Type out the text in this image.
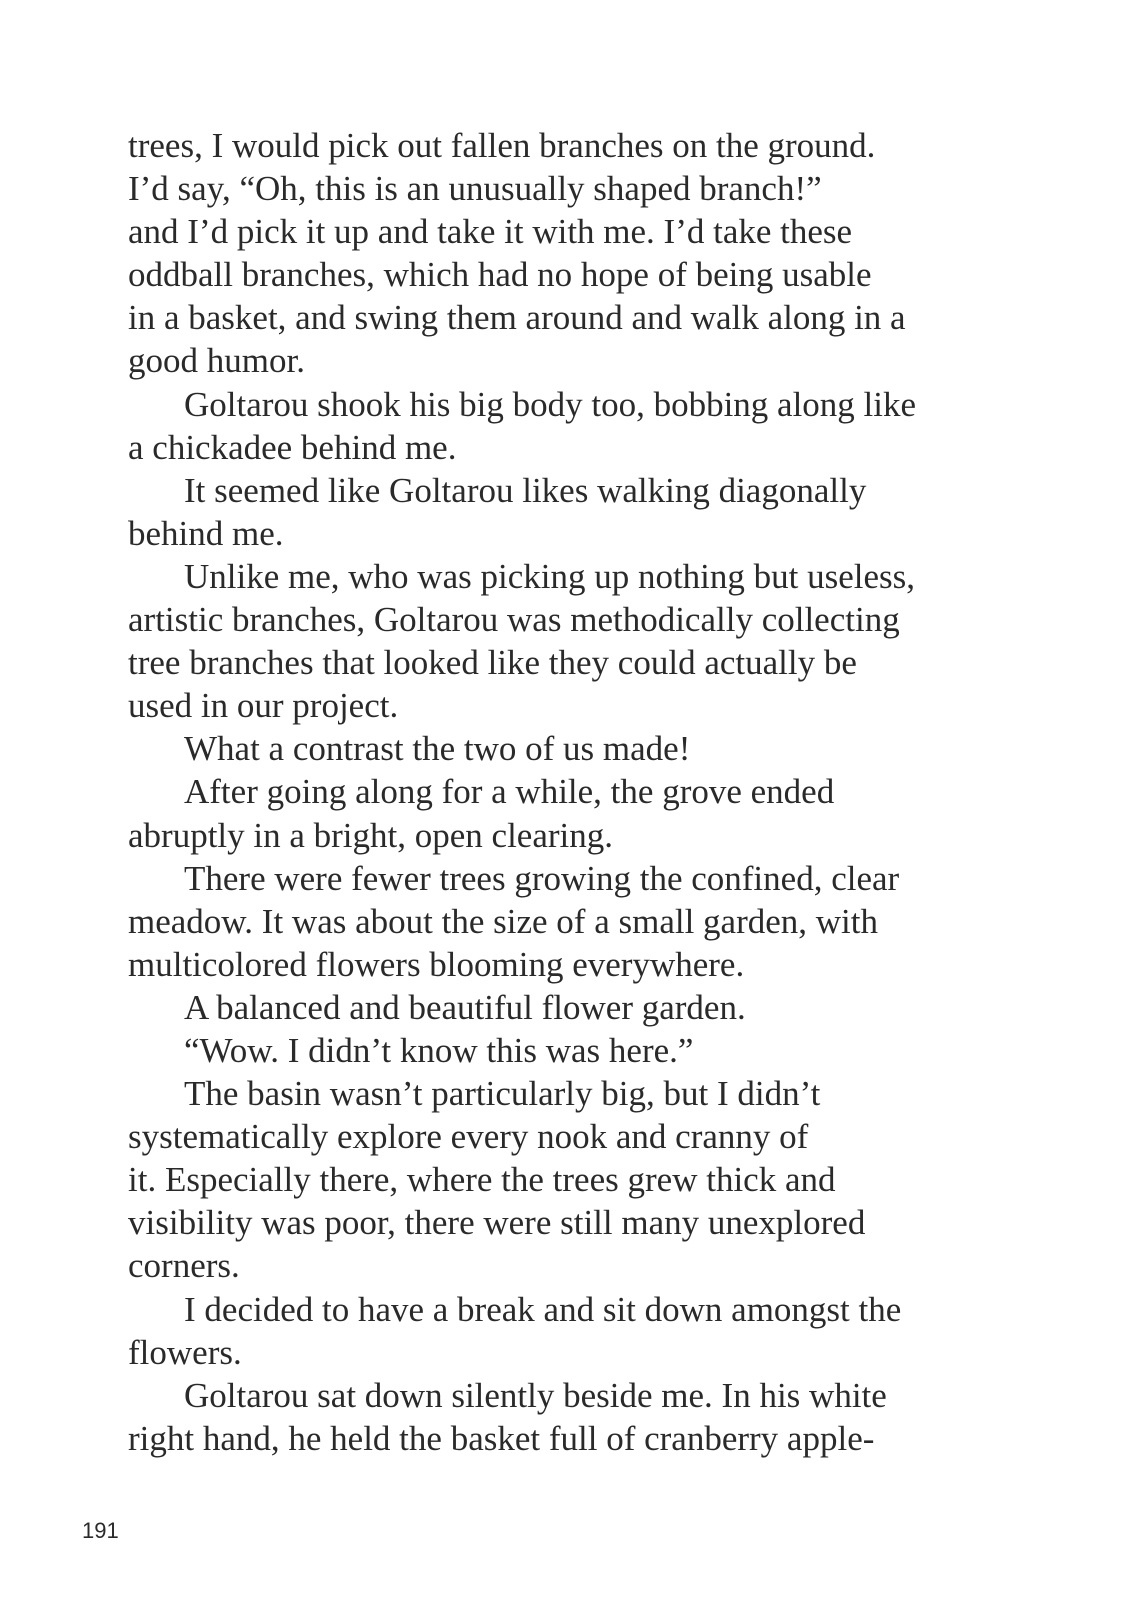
trees, I would pick out fallen branches on the ground.
I’d say, “Oh, this is an unusually shaped branch!”
and I’d pick it up and take it with me. I’d take these
oddball branches, which had no hope of being usable
in a basket, and swing them around and walk along in a
good humor.
Goltarou shook his big body too, bobbing along like
a chickadee behind me.
It seemed like Goltarou likes walking diagonally
behind me.
Unlike me, who was picking up nothing but useless,
artistic branches, Goltarou was methodically collecting
tree branches that looked like they could actually be
used in our project.
What a contrast the two of us made!
After going along for a while, the grove ended
abruptly in a bright, open clearing.
There were fewer trees growing the confined, clear
meadow. It was about the size of a small garden, with
multicolored flowers blooming everywhere.
A balanced and beautiful flower garden.
“Wow. I didn’t know this was here.”
The basin wasn’t particularly big, but I didn’t
systematically explore every nook and cranny of
it. Especially there, where the trees grew thick and
visibility was poor, there were still many unexplored
corners.
I decided to have a break and sit down amongst the
flowers.
Goltarou sat down silently beside me. In his white
right hand, he held the basket full of cranberry apple-
191
